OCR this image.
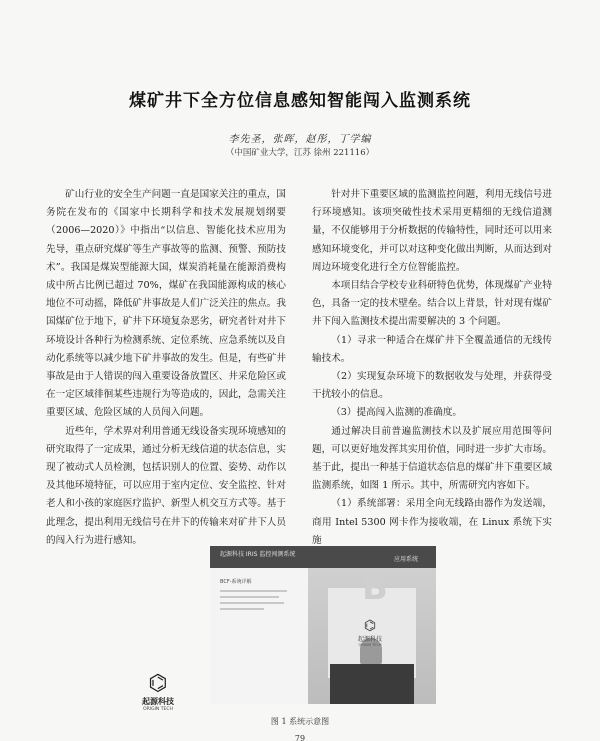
煤矿井下全方位信息感知智能闯入监测系统
李先圣，张晖，赵彤，丁学编
（中国矿业大学，江苏 徐州 221116）

矿山行业的安全生产问题一直是国家关注的重点，国务院在发布的《国家中长期科学和技术发展规划纲要（2006—2020）》中指出“以信息、智能化技术应用为先导，重点研究煤矿等生产事故等的监测、预警、预防技术”。我国是煤炭型能源大国，煤炭消耗量在能源消费构成中所占比例已超过 70%，煤矿在我国能源构成的核心地位不可动摇，降低矿井事故是人们广泛关注的焦点。我国煤矿位于地下，矿井下环境复杂恶劣，研究者针对井下环境设计各种行为检测系统、定位系统、应急系统以及自动化系统等以减少地下矿井事故的发生。但是，有些矿井事故是由于人错误的闯入重要设备放置区、井采危险区或在一定区域徘徊某些违规行为等造成的，因此，急需关注重要区域、危险区域的人员闯入问题。

近些年，学术界对利用普通无线设备实现环境感知的研究取得了一定成果，通过分析无线信道的状态信息，实现了被动式人员检测，包括识别人的位置、姿势、动作以及其他环境特征，可以应用于室内定位、安全监控、针对老人和小孩的家庭医疗监护、新型人机交互方式等。基于此理念，提出利用无线信号在井下的传输来对矿井下人员的闯入行为进行感知。

针对井下重要区域的监测监控问题，利用无线信号进行环境感知。该项突破性技术采用更精细的无线信道测量，不仅能够用于分析数据的传输特性，同时还可以用来感知环境变化，并可以对这种变化做出判断，从而达到对周边环境变化进行全方位智能监控。

本项目结合学校专业科研特色优势，体现煤矿产业特色，具备一定的技术壁垒。结合以上背景，针对现有煤矿井下闯入监测技术提出需要解决的 3 个问题。

（1）寻求一种适合在煤矿井下全覆盖通信的无线传输技术。

（2）实现复杂环境下的数据收发与处理，并获得受干扰较小的信息。

（3）提高闯入监测的准确度。

通过解决目前普遍监测技术以及扩展应用范围等问题，可以更好地发挥其实用价值，同时进一步扩大市场。基于此，提出一种基于信道状态信息的煤矿井下重要区域监测系统，如图 1 所示。其中，所需研究内容如下。

（1）系统部署：采用全向无线路由器作为发送端，商用 Intel 5300 网卡作为接收端，在 Linux 系统下实施

起源科技 IRIS 监控闯测系统
应用系统
BCF-系统详解	B
⌬
起源科技
ORIGIN TECH
⌬
起源科技
ORIGIN TECH
图 1 系统示意图
79
